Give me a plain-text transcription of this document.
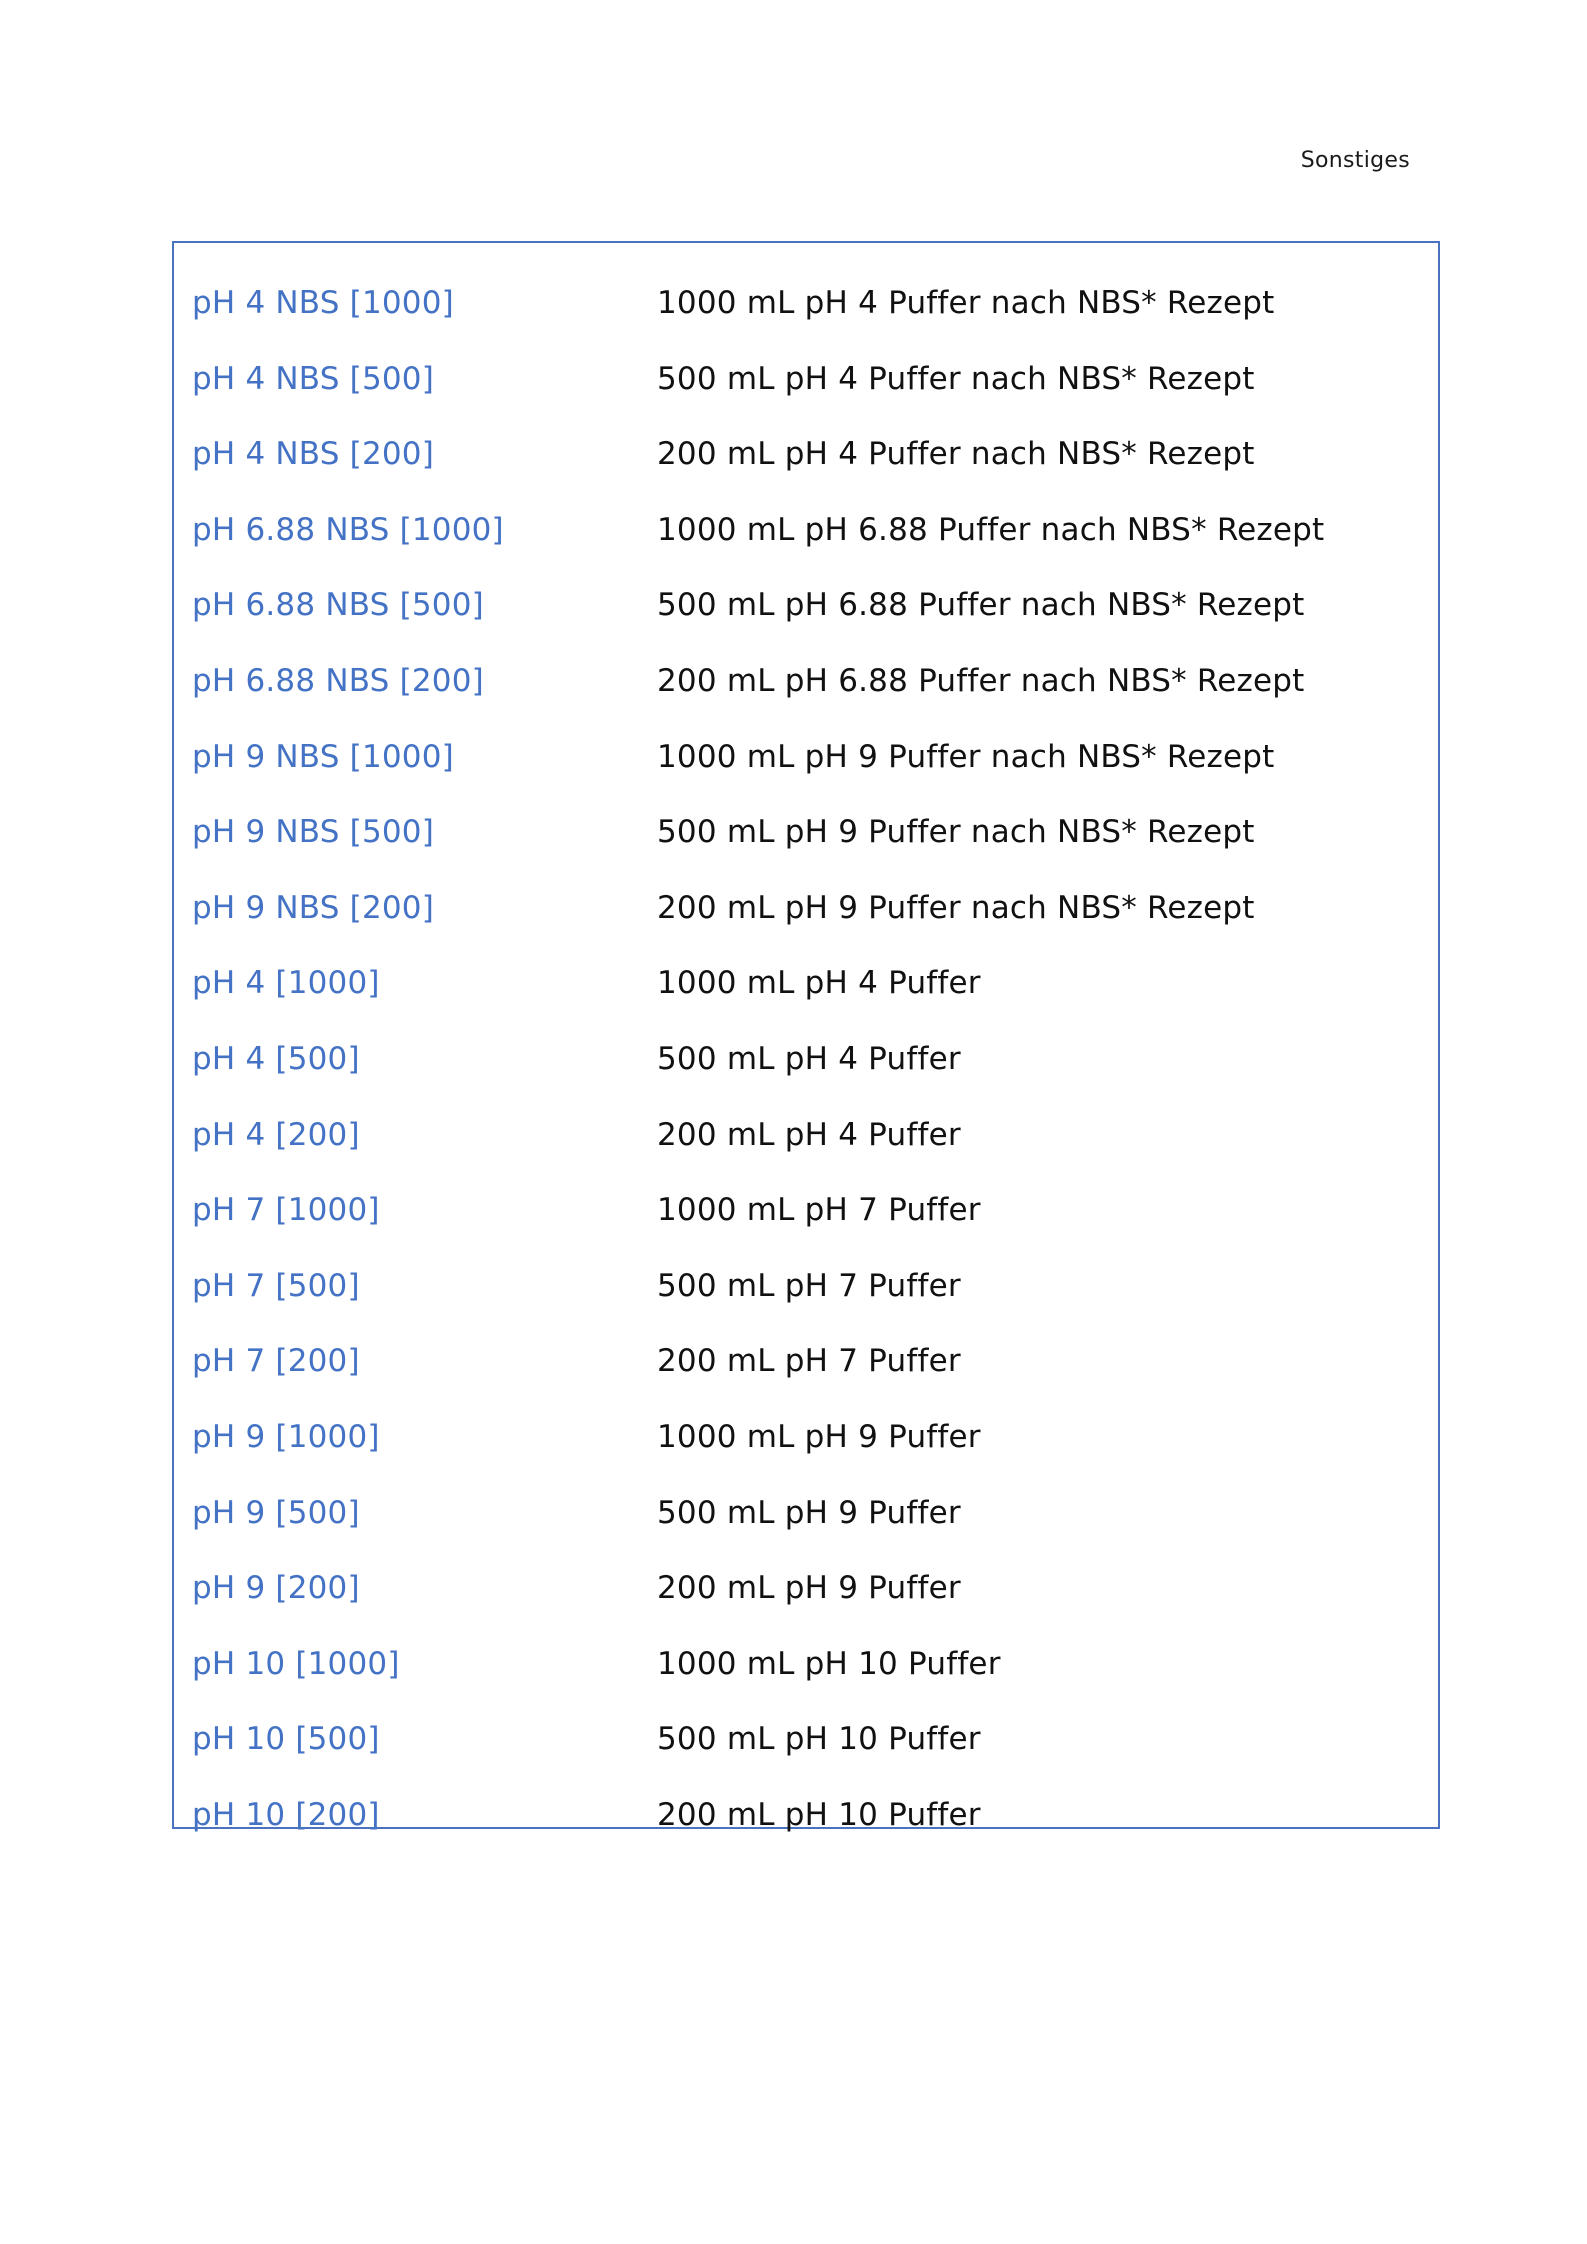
Sonstiges
pH 4 NBS [1000]	1000 mL pH 4 Puffer nach NBS* Rezept
pH 4 NBS [500]	500 mL pH 4 Puffer nach NBS* Rezept
pH 4 NBS [200]	200 mL pH 4 Puffer nach NBS* Rezept
pH 6.88 NBS [1000]	1000 mL pH 6.88 Puffer nach NBS* Rezept
pH 6.88 NBS [500]	500 mL pH 6.88 Puffer nach NBS* Rezept
pH 6.88 NBS [200]	200 mL pH 6.88 Puffer nach NBS* Rezept
pH 9 NBS [1000]	1000 mL pH 9 Puffer nach NBS* Rezept
pH 9 NBS [500]	500 mL pH 9 Puffer nach NBS* Rezept
pH 9 NBS [200]	200 mL pH 9 Puffer nach NBS* Rezept
pH 4 [1000]	1000 mL pH 4 Puffer
pH 4 [500]	500 mL pH 4 Puffer
pH 4 [200]	200 mL pH 4 Puffer
pH 7 [1000]	1000 mL pH 7 Puffer
pH 7 [500]	500 mL pH 7 Puffer
pH 7 [200]	200 mL pH 7 Puffer
pH 9 [1000]	1000 mL pH 9 Puffer
pH 9 [500]	500 mL pH 9 Puffer
pH 9 [200]	200 mL pH 9 Puffer
pH 10 [1000]	1000 mL pH 10 Puffer
pH 10 [500]	500 mL pH 10 Puffer
pH 10 [200]	200 mL pH 10 Puffer
